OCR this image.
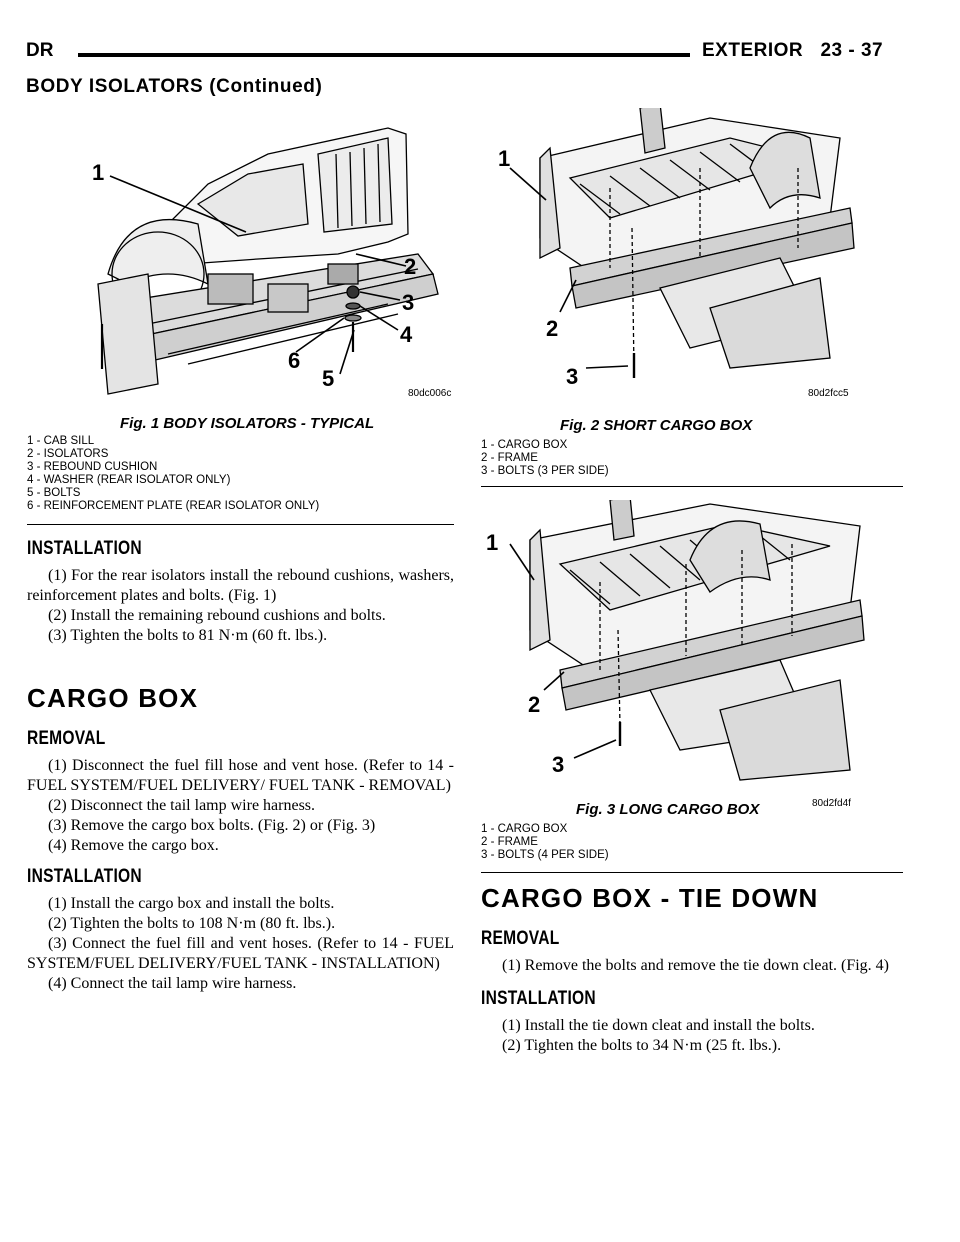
DR	EXTERIOR 23 - 37
BODY ISOLATORS (Continued)
1
2
3
4
5
6
80dc006c
Fig. 1 BODY ISOLATORS - TYPICAL
1 - CAB SILL
2 - ISOLATORS
3 - REBOUND CUSHION
4 - WASHER (REAR ISOLATOR ONLY)
5 - BOLTS
6 - REINFORCEMENT PLATE (REAR ISOLATOR ONLY)
1
2
3
80d2fcc5
Fig. 2 SHORT CARGO BOX
1 - CARGO BOX
2 - FRAME
3 - BOLTS (3 PER SIDE)
1
2
3
80d2fd4f
Fig. 3 LONG CARGO BOX
1 - CARGO BOX
2 - FRAME
3 - BOLTS (4 PER SIDE)
INSTALLATION

(1) For the rear isolators install the rebound cushions, washers, reinforcement plates and bolts. (Fig. 1)

(2) Install the remaining rebound cushions and bolts.

(3) Tighten the bolts to 81 N·m (60 ft. lbs.).

CARGO BOX
REMOVAL

(1) Disconnect the fuel fill hose and vent hose. (Refer to 14 - FUEL SYSTEM/FUEL DELIVERY/ FUEL TANK - REMOVAL)

(2) Disconnect the tail lamp wire harness.

(3) Remove the cargo box bolts. (Fig. 2) or (Fig. 3)

(4) Remove the cargo box.

INSTALLATION

(1) Install the cargo box and install the bolts.

(2) Tighten the bolts to 108 N·m (80 ft. lbs.).

(3) Connect the fuel fill and vent hoses. (Refer to 14 - FUEL SYSTEM/FUEL DELIVERY/FUEL TANK - INSTALLATION)

(4) Connect the tail lamp wire harness.

CARGO BOX - TIE DOWN
REMOVAL

(1) Remove the bolts and remove the tie down cleat. (Fig. 4)

INSTALLATION

(1) Install the tie down cleat and install the bolts.

(2) Tighten the bolts to 34 N·m (25 ft. lbs.).
